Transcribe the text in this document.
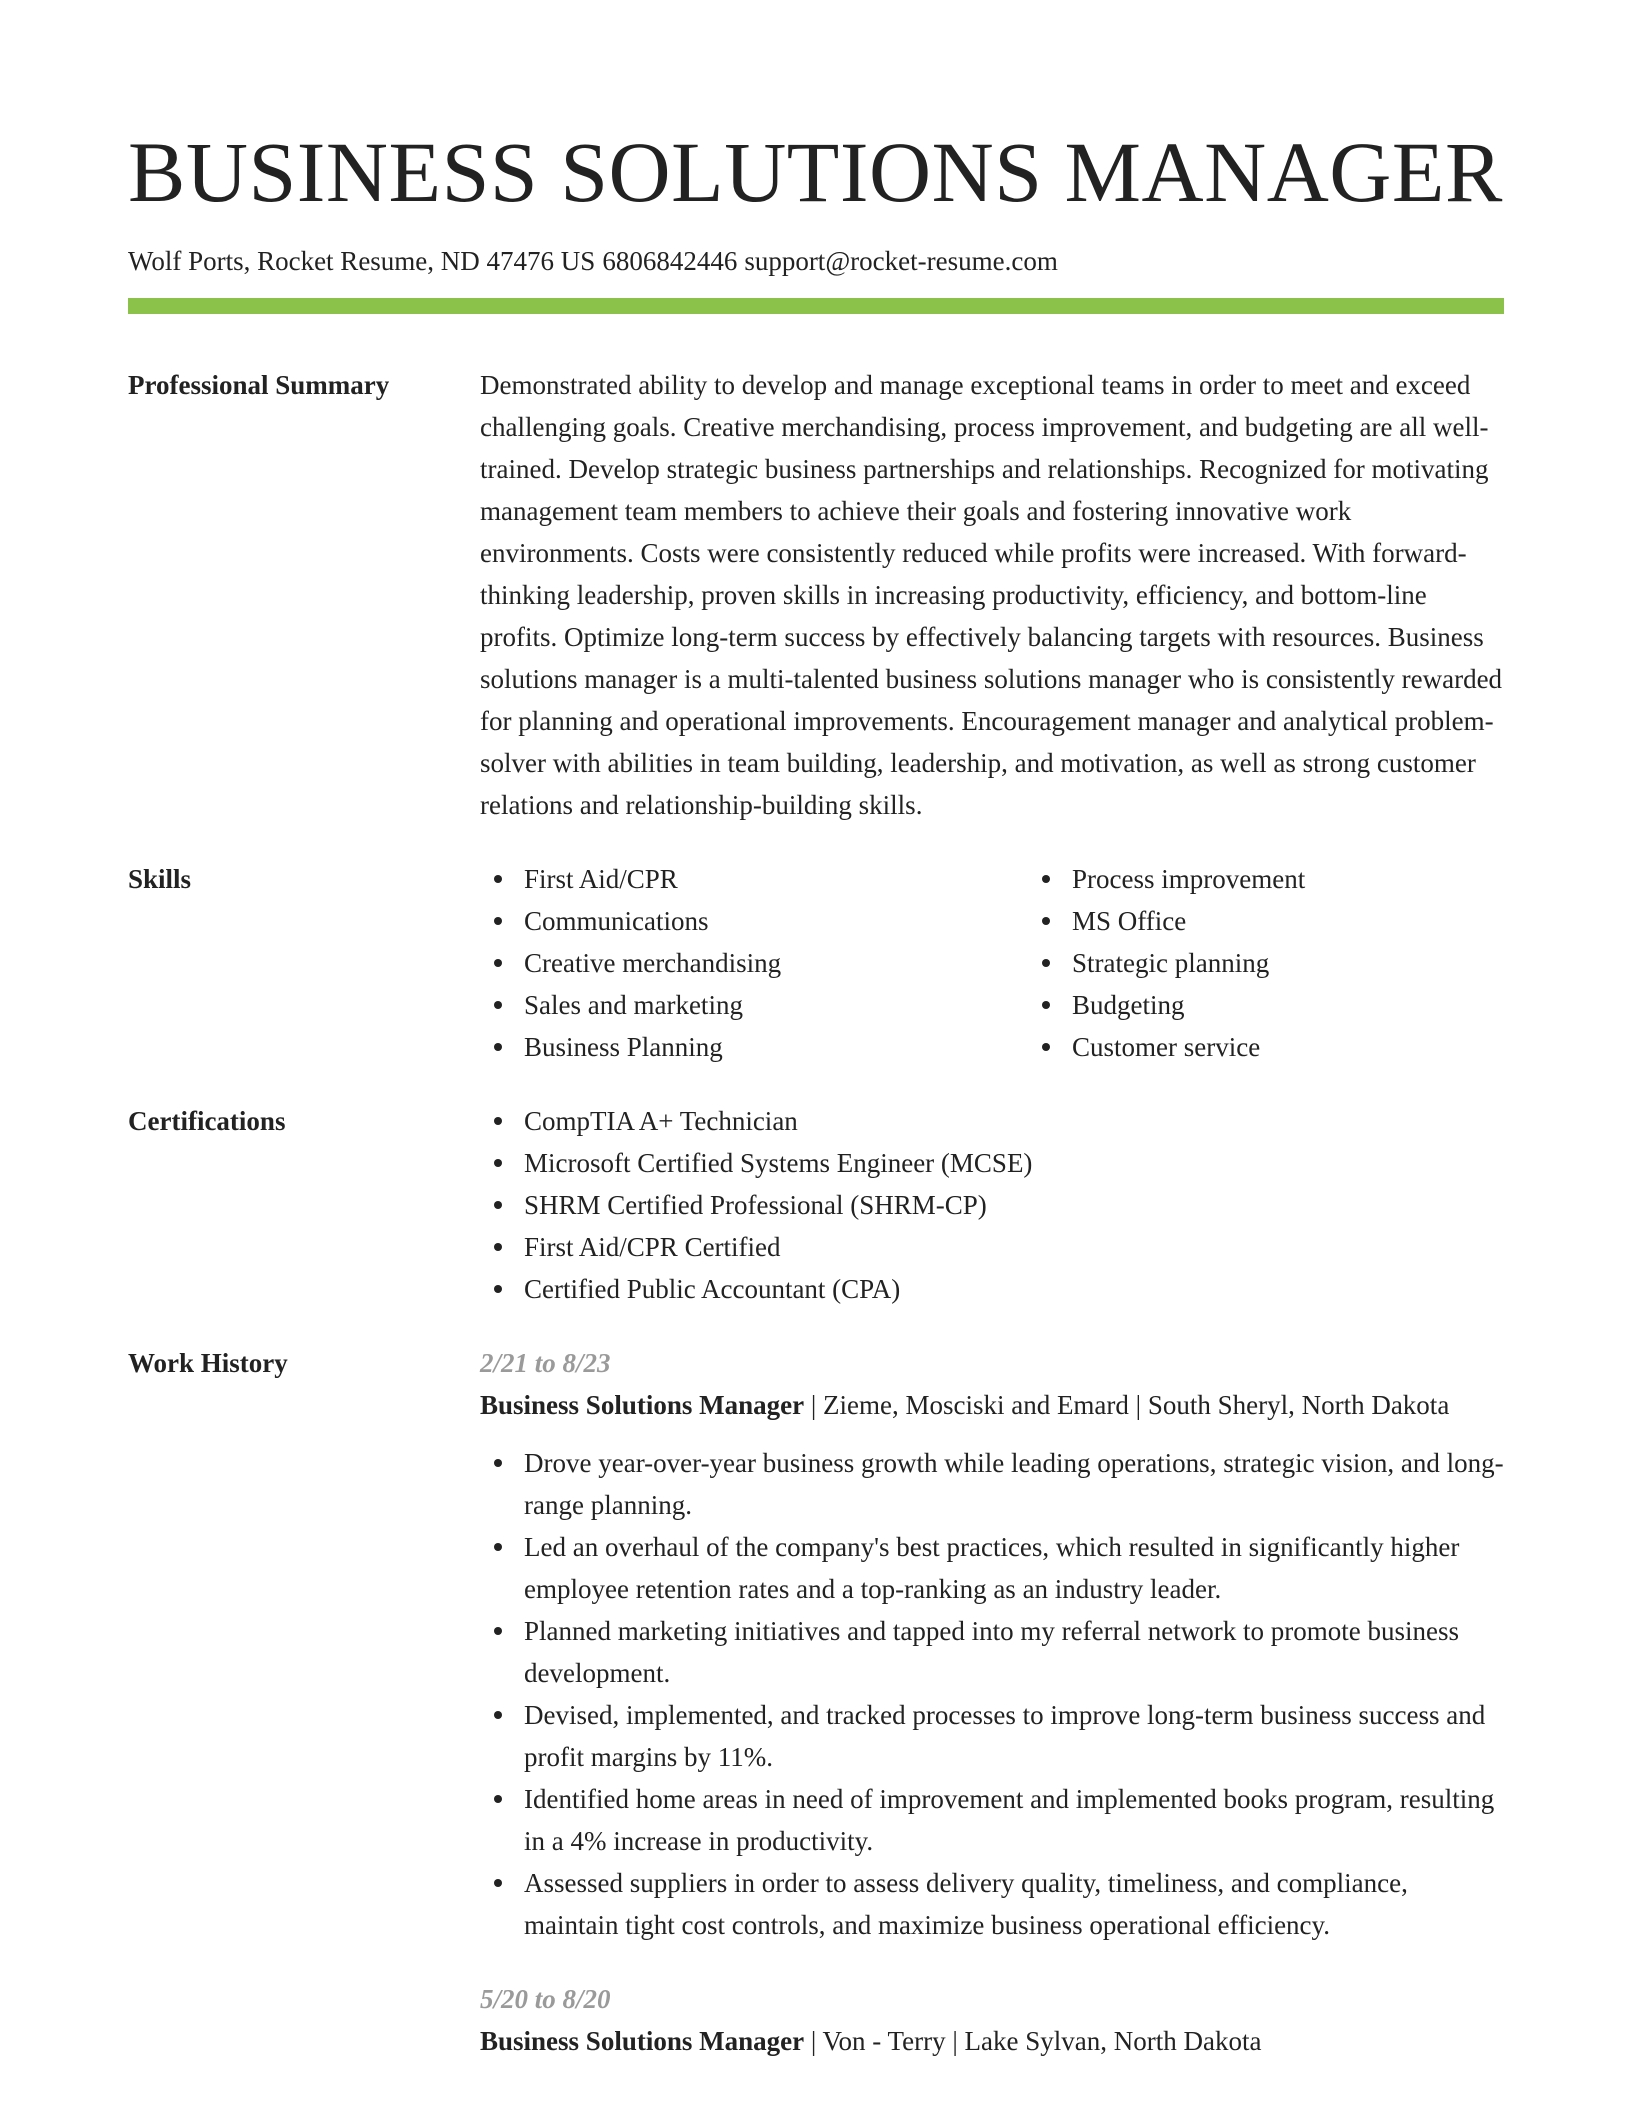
BUSINESS SOLUTIONS MANAGER
Wolf Ports, Rocket Resume, ND 47476 US 6806842446 support@rocket-resume.com
Professional Summary	Demonstrated ability to develop and manage exceptional teams in order to meet and exceed challenging goals. Creative merchandising, process improvement, and budgeting are all well-trained. Develop strategic business partnerships and relationships. Recognized for motivating management team members to achieve their goals and fostering innovative work environments. Costs were consistently reduced while profits were increased. With forward-thinking leadership, proven skills in increasing productivity, efficiency, and bottom-line profits. Optimize long-term success by effectively balancing targets with resources. Business solutions manager is a multi-talented business solutions manager who is consistently rewarded for planning and operational improvements. Encouragement manager and analytical problem-solver with abilities in team building, leadership, and motivation, as well as strong customer relations and relationship-building skills.

Skills	First Aid/CPR
Communications
Creative merchandising
Sales and marketing
Business Planning
Process improvement
MS Office
Strategic planning
Budgeting
Customer service
Certifications	CompTIA A+ Technician
Microsoft Certified Systems Engineer (MCSE)
SHRM Certified Professional (SHRM-CP)
First Aid/CPR Certified
Certified Public Accountant (CPA)
Work History	2/21 to 8/23

Business Solutions Manager | Zieme, Mosciski and Emard | South Sheryl, North Dakota

Drove year-over-year business growth while leading operations, strategic vision, and long-range planning.
Led an overhaul of the company's best practices, which resulted in significantly higher employee retention rates and a top-ranking as an industry leader.
Planned marketing initiatives and tapped into my referral network to promote business development.
Devised, implemented, and tracked processes to improve long-term business success and profit margins by 11%.
Identified home areas in need of improvement and implemented books program, resulting in a 4% increase in productivity.
Assessed suppliers in order to assess delivery quality, timeliness, and compliance, maintain tight cost controls, and maximize business operational efficiency.
5/20 to 8/20

Business Solutions Manager | Von - Terry | Lake Sylvan, North Dakota
